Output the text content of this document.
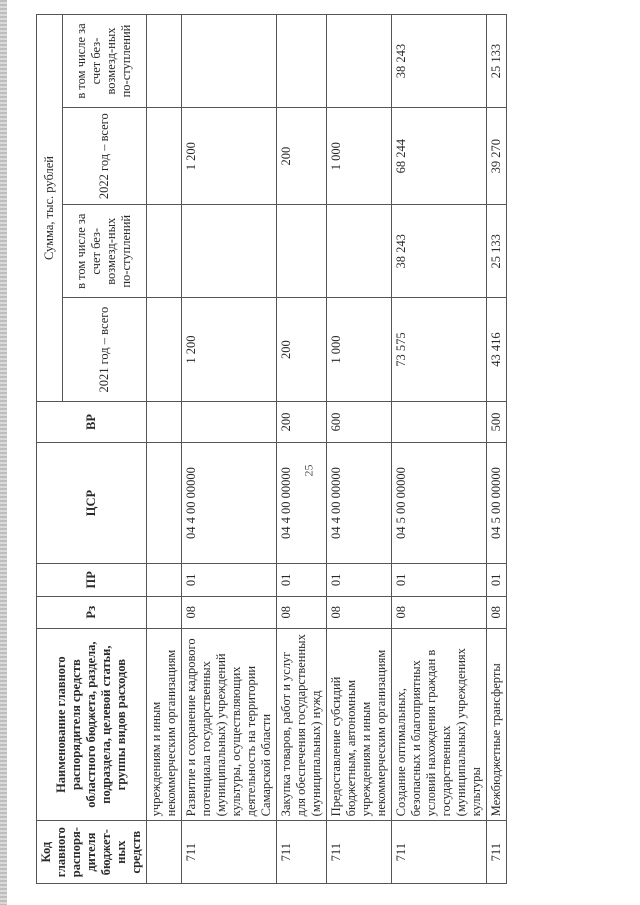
25
Код главного распоря-дителя бюджет-ных средств	Наименование главного распорядителя средств областного бюджета, раздела, подраздела, целевой статьи, группы видов расходов	Рз	ПР	ЦСР	ВР	Сумма, тыс. рублей			
						2021 год – всего	в том числе за счет без-возмезд-ных по-ступлений	2022 год – всего	в том числе за счет без-возмезд-ных по-ступлений
	учреждениям и иным некоммерческим организациям								
711	Развитие и сохранение кадрового потенциала государственных (муниципальных) учреждений культуры, осуществляющих деятельность на территории Самарской области	08	01	04 4 00 00000		1 200		1 200	
711	Закупка товаров, работ и услуг для обеспечения государственных (муниципальных) нужд	08	01	04 4 00 00000	200	200		200	
711	Предоставление субсидий бюджетным, автономным учреждениям и иным некоммерческим организациям	08	01	04 4 00 00000	600	1 000		1 000	
711	Создание оптимальных, безопасных и благоприятных условий нахождения граждан в государственных (муниципальных) учреждениях культуры	08	01	04 5 00 00000		73 575	38 243	68 244	38 243
711	Межбюджетные трансферты	08	01	04 5 00 00000	500	43 416	25 133	39 270	25 133
